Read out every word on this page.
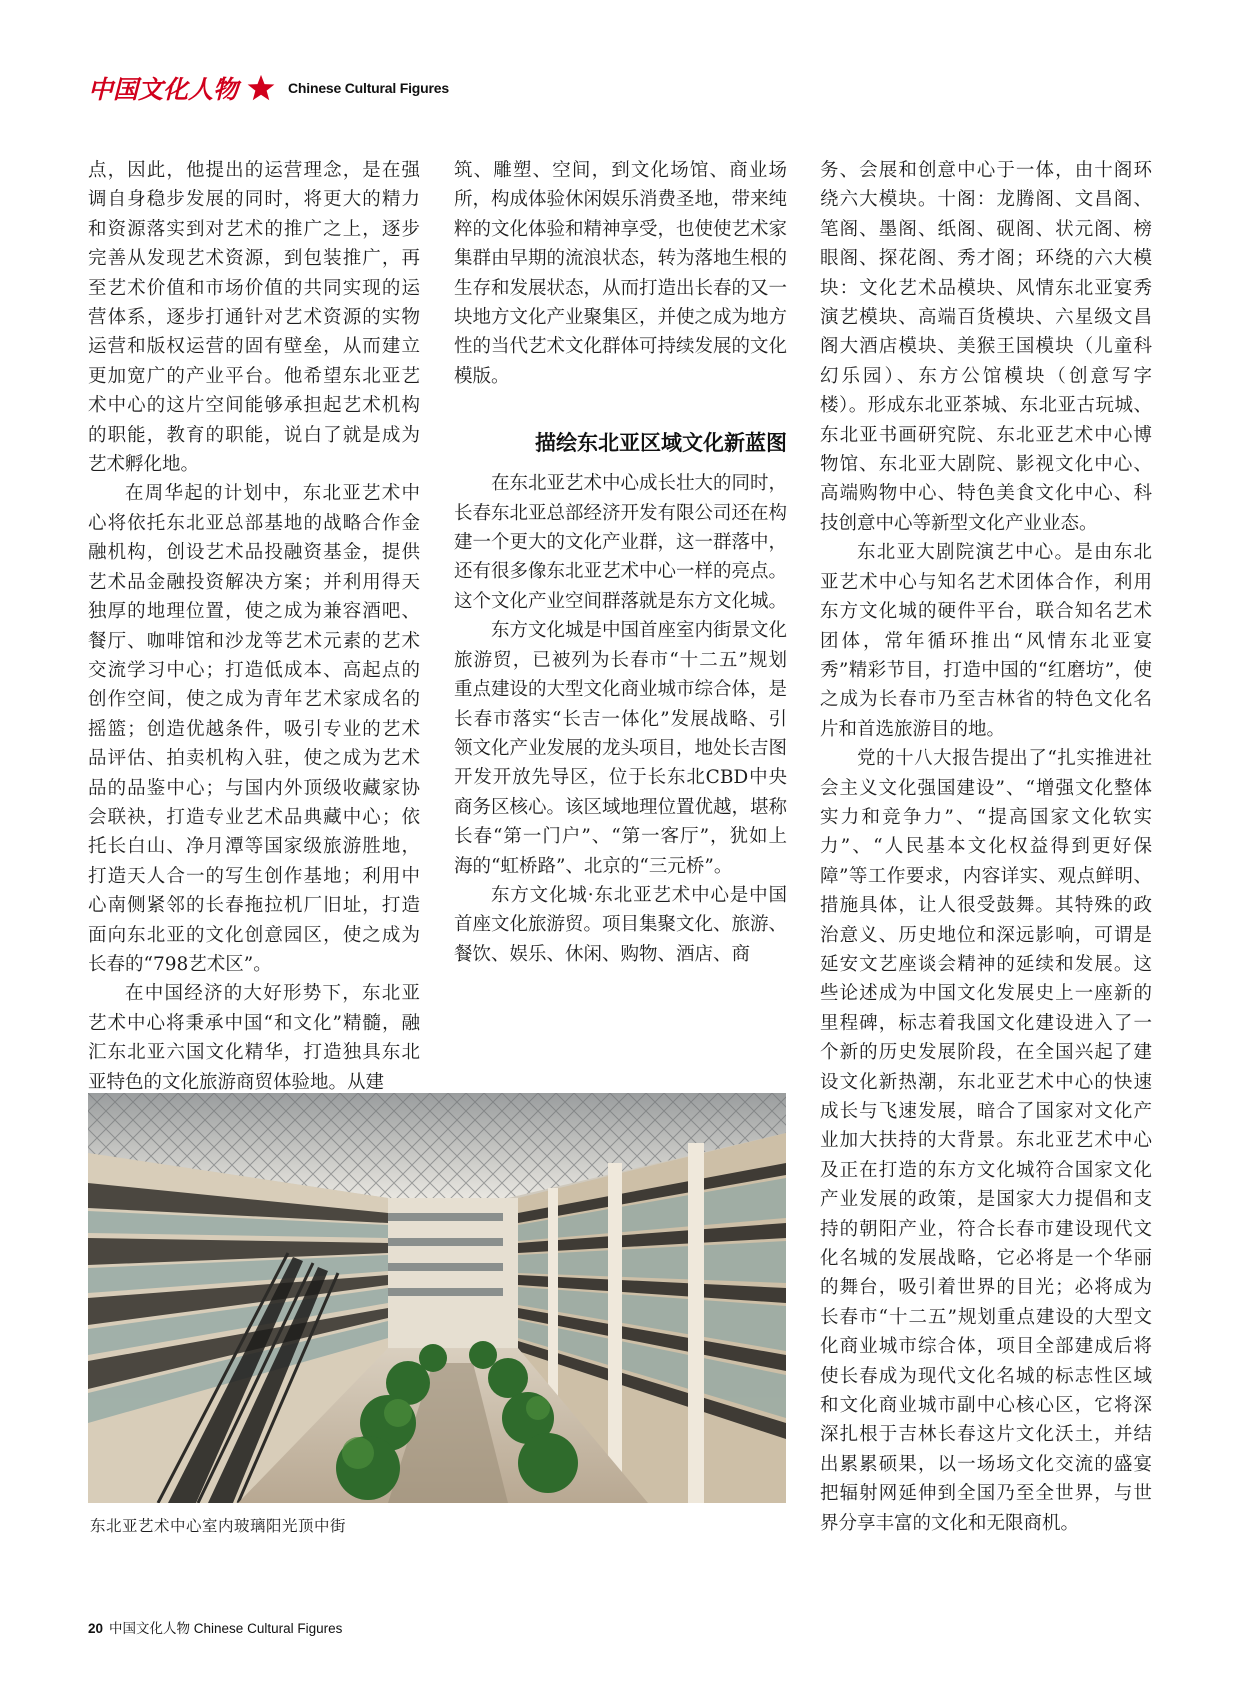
中国文化人物	Chinese Cultural Figures

点，因此，他提出的运营理念，是在强调自身稳步发展的同时，将更大的精力和资源落实到对艺术的推广之上，逐步完善从发现艺术资源，到包装推广，再至艺术价值和市场价值的共同实现的运营体系，逐步打通针对艺术资源的实物运营和版权运营的固有壁垒，从而建立更加宽广的产业平台。他希望东北亚艺术中心的这片空间能够承担起艺术机构的职能，教育的职能，说白了就是成为艺术孵化地。

在周华起的计划中，东北亚艺术中心将依托东北亚总部基地的战略合作金融机构，创设艺术品投融资基金，提供艺术品金融投资解决方案；并利用得天独厚的地理位置，使之成为兼容酒吧、餐厅、咖啡馆和沙龙等艺术元素的艺术交流学习中心；打造低成本、高起点的创作空间，使之成为青年艺术家成名的摇篮；创造优越条件，吸引专业的艺术品评估、拍卖机构入驻，使之成为艺术品的品鉴中心；与国内外顶级收藏家协会联袂，打造专业艺术品典藏中心；依托长白山、净月潭等国家级旅游胜地，打造天人合一的写生创作基地；利用中心南侧紧邻的长春拖拉机厂旧址，打造面向东北亚的文化创意园区，使之成为长春的“798艺术区”。

在中国经济的大好形势下，东北亚艺术中心将秉承中国“和文化”精髓，融汇东北亚六国文化精华，打造独具东北亚特色的文化旅游商贸体验地。从建

筑、雕塑、空间，到文化场馆、商业场所，构成体验休闲娱乐消费圣地，带来纯粹的文化体验和精神享受，也使使艺术家集群由早期的流浪状态，转为落地生根的生存和发展状态，从而打造出长春的又一块地方文化产业聚集区，并使之成为地方性的当代艺术文化群体可持续发展的文化模版。

描绘东北亚区域文化新蓝图

在东北亚艺术中心成长壮大的同时，长春东北亚总部经济开发有限公司还在构建一个更大的文化产业群，这一群落中，还有很多像东北亚艺术中心一样的亮点。这个文化产业空间群落就是东方文化城。

东方文化城是中国首座室内街景文化旅游贸，已被列为长春市“十二五”规划重点建设的大型文化商业城市综合体，是长春市落实“长吉一体化”发展战略、引领文化产业发展的龙头项目，地处长吉图开发开放先导区，位于长东北CBD中央商务区核心。该区域地理位置优越，堪称长春“第一门户”、“第一客厅”，犹如上海的“虹桥路”、北京的“三元桥”。

东方文化城·东北亚艺术中心是中国首座文化旅游贸。项目集聚文化、旅游、餐饮、娱乐、休闲、购物、酒店、商

务、会展和创意中心于一体，由十阁环绕六大模块。十阁：龙腾阁、文昌阁、笔阁、墨阁、纸阁、砚阁、状元阁、榜眼阁、探花阁、秀才阁；环绕的六大模块：文化艺术品模块、风情东北亚宴秀演艺模块、高端百货模块、六星级文昌阁大酒店模块、美猴王国模块（儿童科幻乐园）、东方公馆模块（创意写字楼）。形成东北亚茶城、东北亚古玩城、东北亚书画研究院、东北亚艺术中心博物馆、东北亚大剧院、影视文化中心、高端购物中心、特色美食文化中心、科技创意中心等新型文化产业业态。

东北亚大剧院演艺中心。是由东北亚艺术中心与知名艺术团体合作，利用东方文化城的硬件平台，联合知名艺术团体，常年循环推出“风情东北亚宴秀”精彩节目，打造中国的“红磨坊”，使之成为长春市乃至吉林省的特色文化名片和首选旅游目的地。

党的十八大报告提出了“扎实推进社会主义文化强国建设”、“增强文化整体实力和竞争力”、“提高国家文化软实力”、“人民基本文化权益得到更好保障”等工作要求，内容详实、观点鲜明、措施具体，让人很受鼓舞。其特殊的政治意义、历史地位和深远影响，可谓是延安文艺座谈会精神的延续和发展。这些论述成为中国文化发展史上一座新的里程碑，标志着我国文化建设进入了一个新的历史发展阶段，在全国兴起了建设文化新热潮，东北亚艺术中心的快速成长与飞速发展，暗合了国家对文化产业加大扶持的大背景。东北亚艺术中心及正在打造的东方文化城符合国家文化产业发展的政策，是国家大力提倡和支持的朝阳产业，符合长春市建设现代文化名城的发展战略，它必将是一个华丽的舞台，吸引着世界的目光；必将成为长春市“十二五”规划重点建设的大型文化商业城市综合体，项目全部建成后将使长春成为现代文化名城的标志性区域和文化商业城市副中心核心区，它将深深扎根于吉林长春这片文化沃土，并结出累累硕果，以一场场文化交流的盛宴把辐射网延伸到全国乃至全世界，与世界分享丰富的文化和无限商机。

东北亚艺术中心室内玻璃阳光顶中街
20 中国文化人物 Chinese Cultural Figures
